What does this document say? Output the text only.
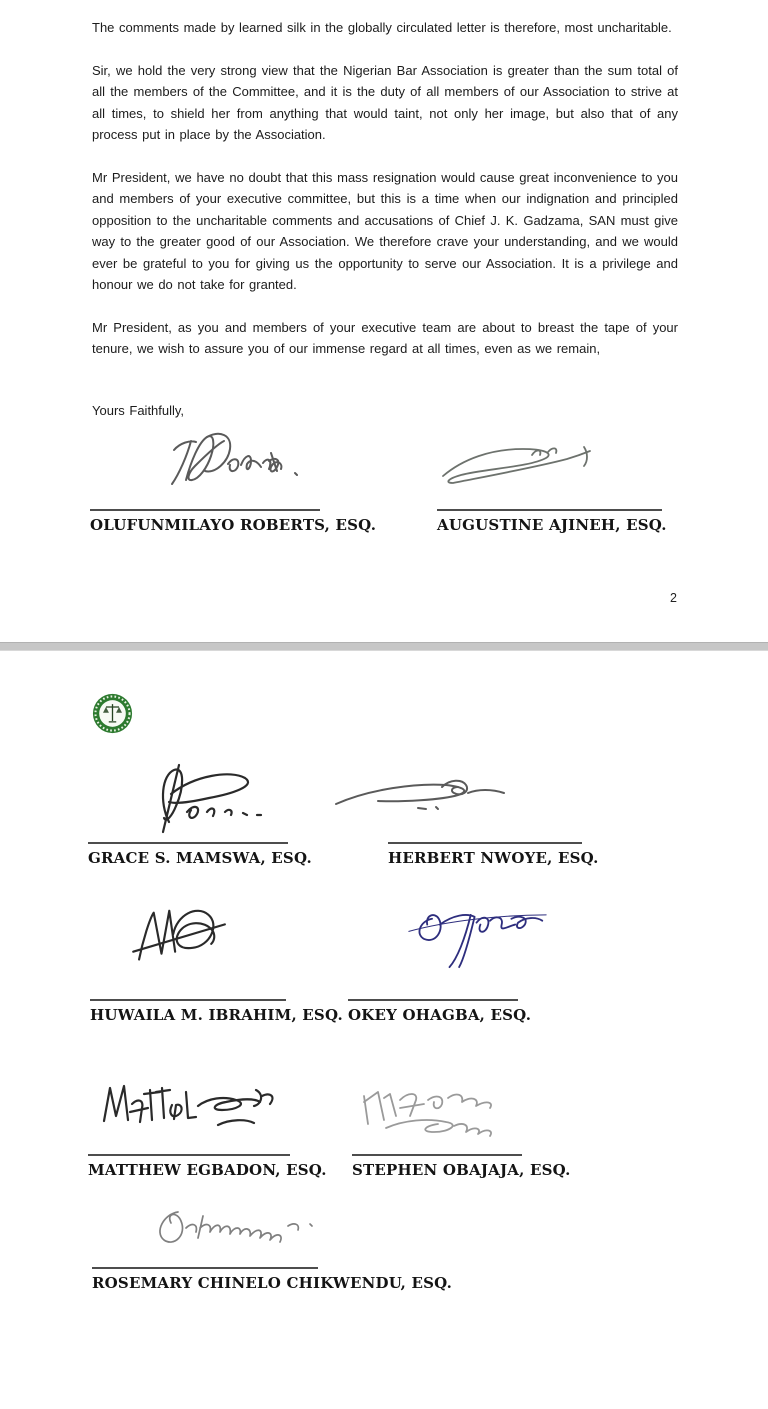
The comments made by learned silk in the globally circulated letter is therefore, most uncharitable.

Sir, we hold the very strong view that the Nigerian Bar Association is greater than the sum total of all the members of the Committee, and it is the duty of all members of our Association to strive at all times, to shield her from anything that would taint, not only her image, but also that of any process put in place by the Association.

Mr President, we have no doubt that this mass resignation would cause great inconvenience to you and members of your executive committee, but this is a time when our indignation and principled opposition to the uncharitable comments and accusations of Chief J. K. Gadzama, SAN must give way to the greater good of our Association. We therefore crave your understanding, and we would ever be grateful to you for giving us the opportunity to serve our Association. It is a privilege and honour we do not take for granted.

Mr President, as you and members of your executive team are about to breast the tape of your tenure, we wish to assure you of our immense regard at all times, even as we remain,

Yours Faithfully,

OLUFUNMILAYO ROBERTS, ESQ.	AUGUSTINE AJINEH, ESQ.
2
GRACE S. MAMSWA, ESQ.	HERBERT NWOYE, ESQ.
HUWAILA M. IBRAHIM, ESQ. OKEY OHAGBA, ESQ.
MATTHEW EGBADON, ESQ. STEPHEN OBAJAJA, ESQ.
ROSEMARY CHINELO CHIKWENDU, ESQ.
